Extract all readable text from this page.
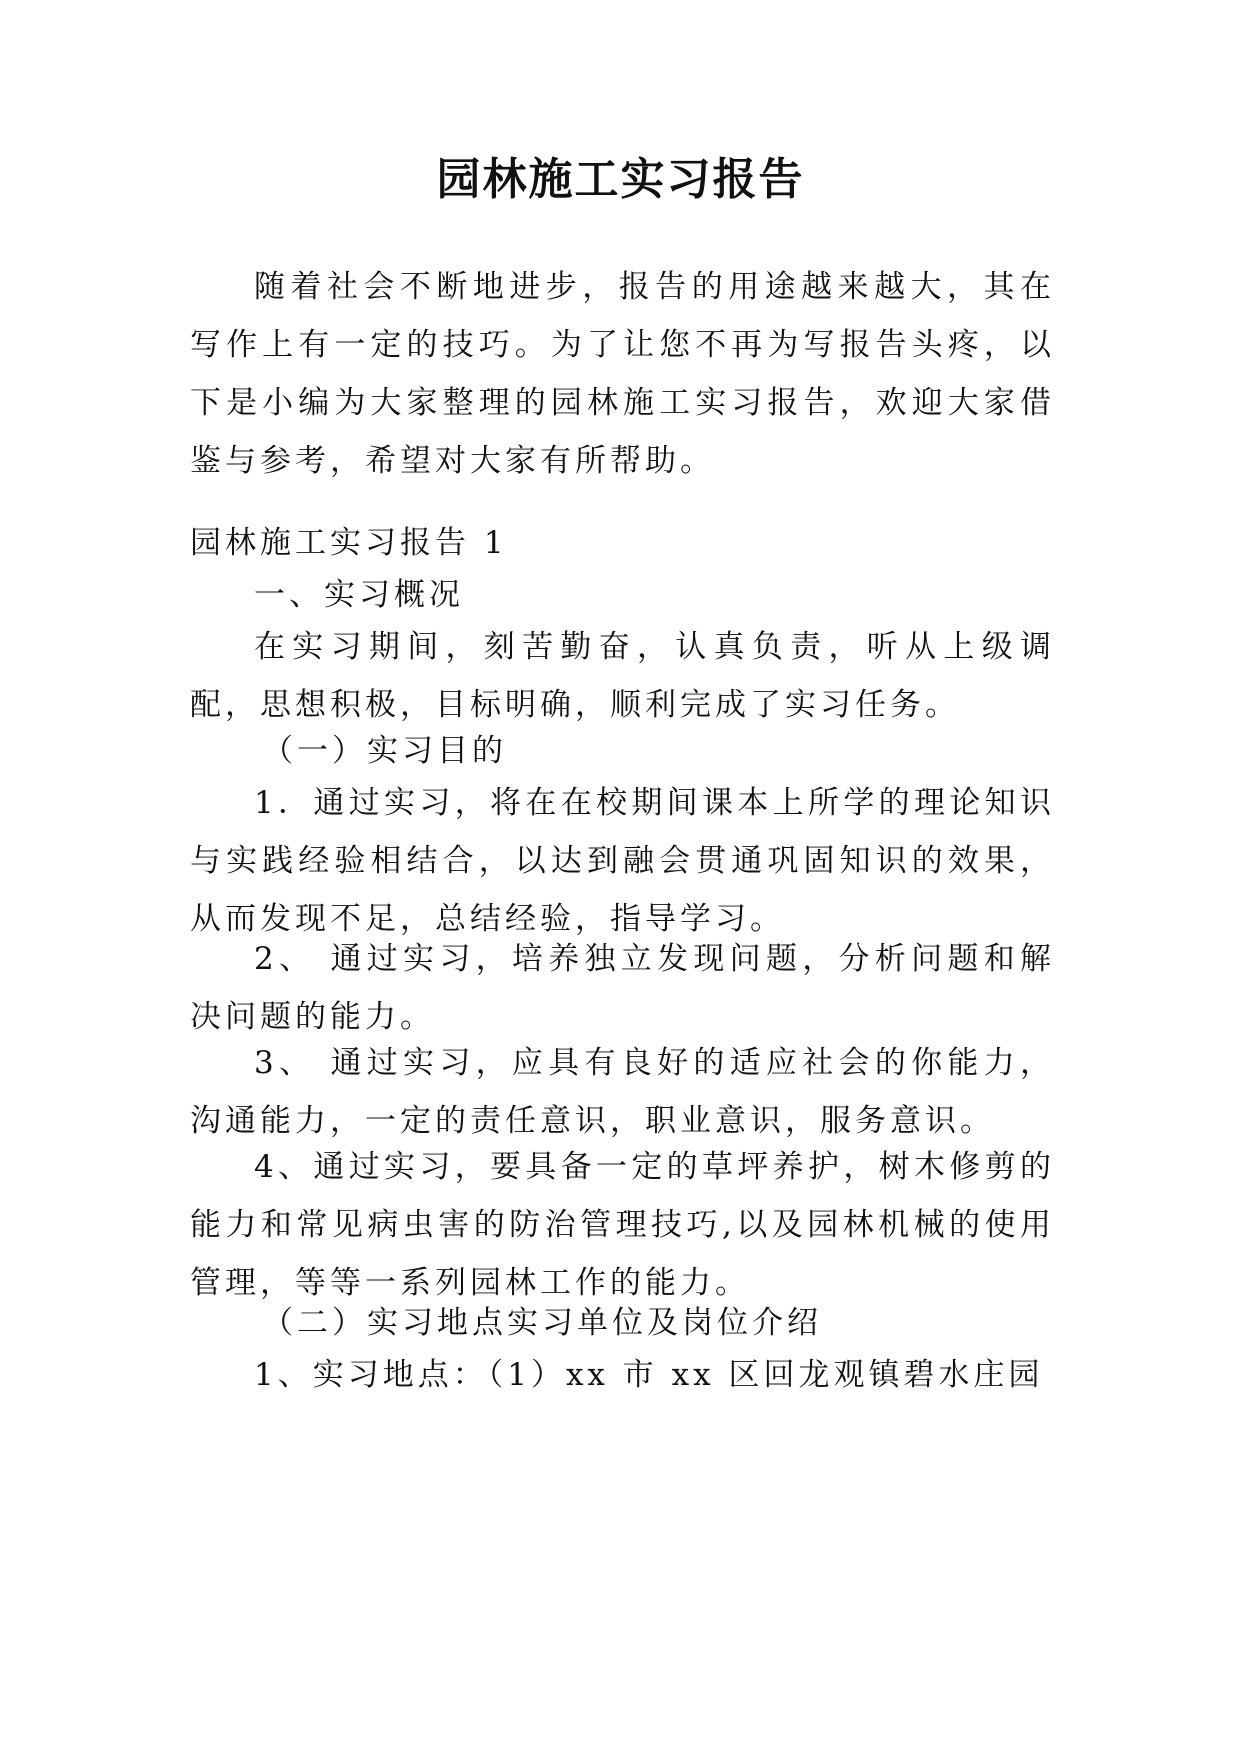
园林施工实习报告

随着社会不断地进步，报告的用途越来越大，其在写作上有一定的技巧。为了让您不再为写报告头疼，以下是小编为大家整理的园林施工实习报告，欢迎大家借鉴与参考，希望对大家有所帮助。

园林施工实习报告 1

一、实习概况

在实习期间，刻苦勤奋，认真负责，听从上级调配，思想积极，目标明确，顺利完成了实习任务。

（一）实习目的

1．通过实习，将在在校期间课本上所学的理论知识与实践经验相结合，以达到融会贯通巩固知识的效果，从而发现不足，总结经验，指导学习。

2、 通过实习，培养独立发现问题，分析问题和解决问题的能力。

3、 通过实习，应具有良好的适应社会的你能力，沟通能力，一定的责任意识，职业意识，服务意识。

4、通过实习，要具备一定的草坪养护，树木修剪的能力和常见病虫害的防治管理技巧,以及园林机械的使用管理，等等一系列园林工作的能力。

（二）实习地点实习单位及岗位介绍

1、实习地点：（1）xx 市 xx 区回龙观镇碧水庄园
